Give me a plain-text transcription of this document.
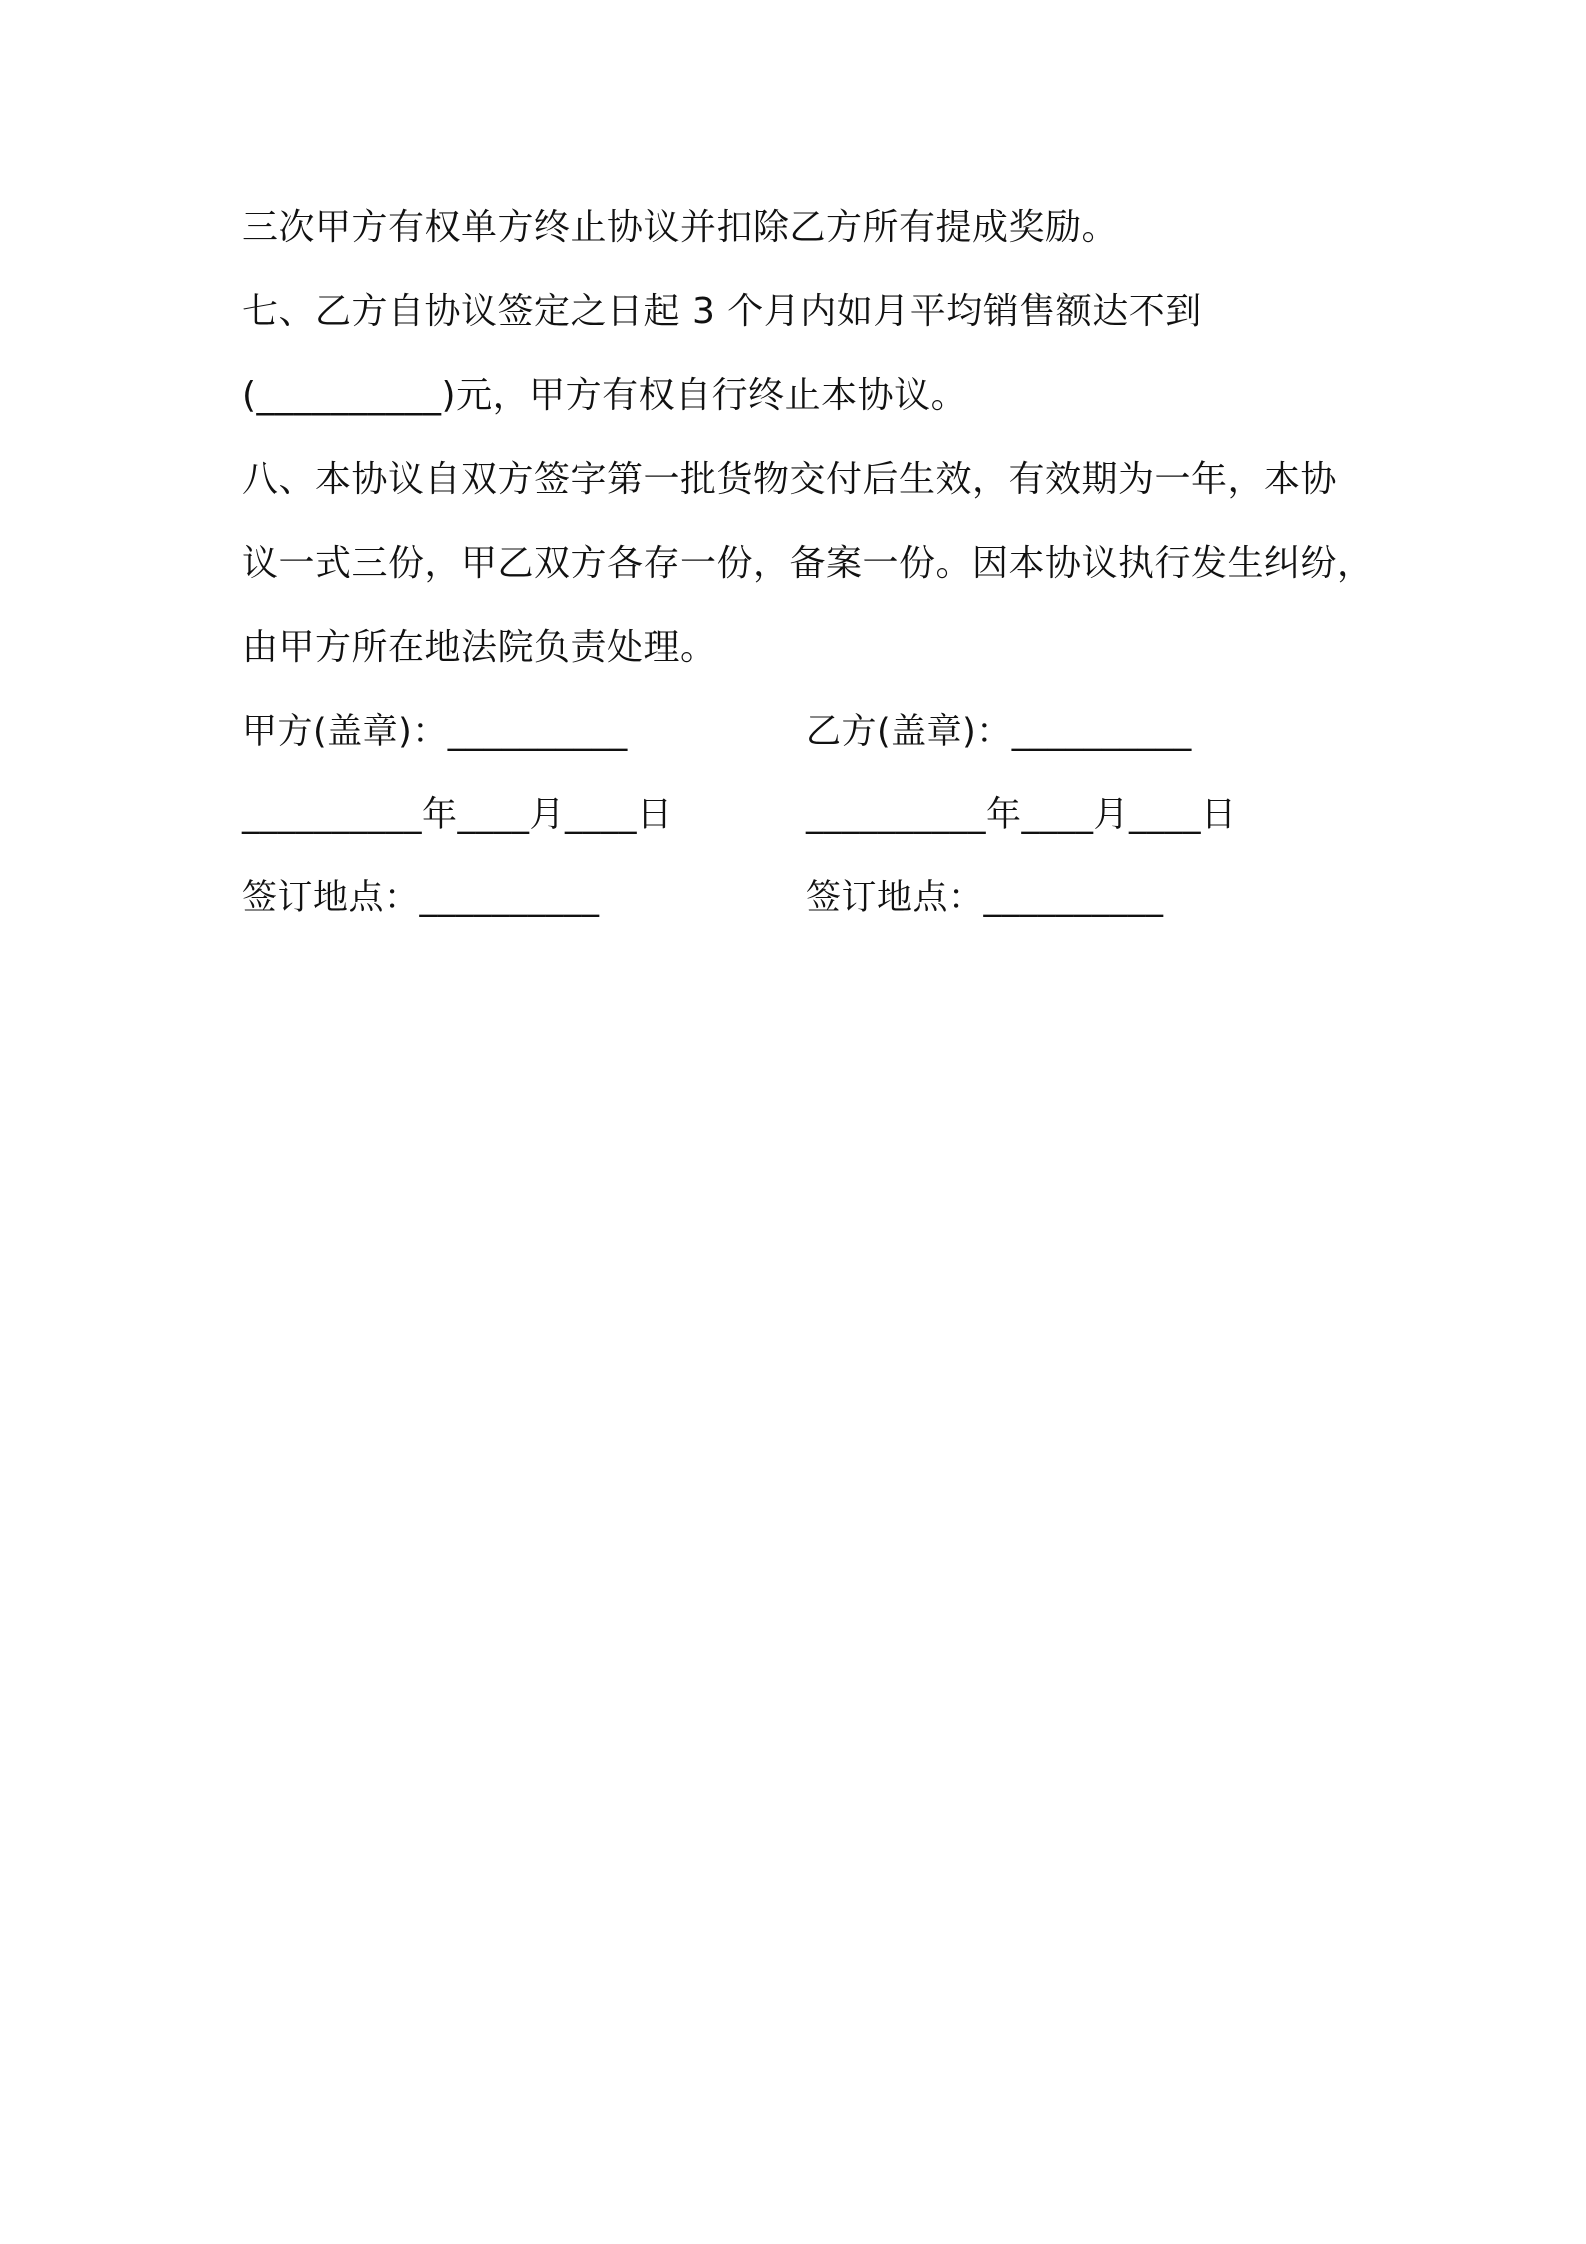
三次甲方有权单方终止协议并扣除乙方所有提成奖励。
七、乙方自协议签定之日起 3 个月内如月平均销售额达不到
(__________)元，甲方有权自行终止本协议。
八、本协议自双方签字第一批货物交付后生效，有效期为一年，本协
议一式三份，甲乙双方各存一份，备案一份。因本协议执行发生纠纷，
由甲方所在地法院负责处理。
甲方(盖章)：__________	乙方(盖章)：__________
__________年____月____日	__________年____月____日
签订地点：__________	签订地点：__________
